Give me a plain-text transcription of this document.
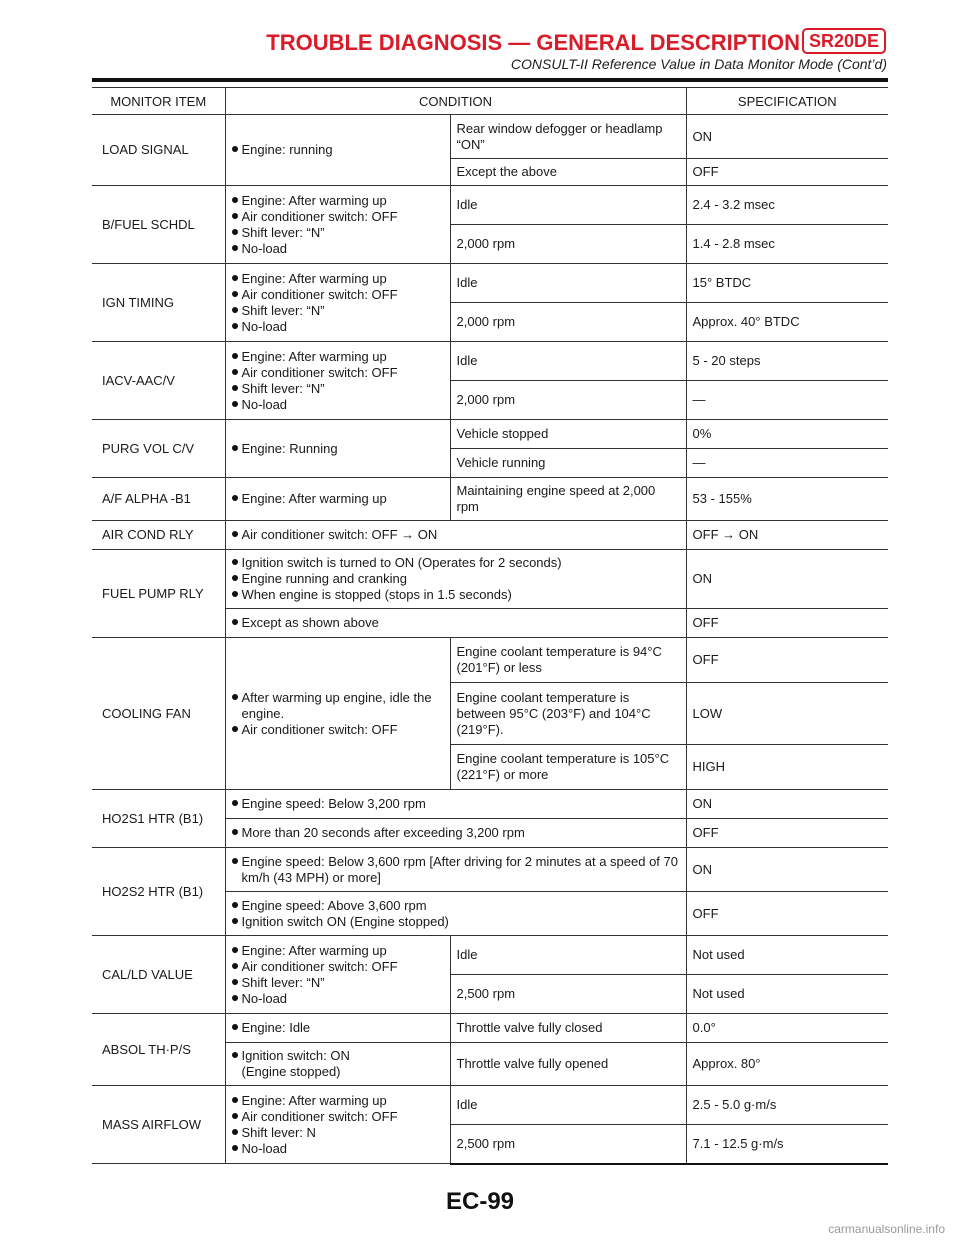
TROUBLE DIAGNOSIS — GENERAL DESCRIPTION SR20DE
CONSULT-II Reference Value in Data Monitor Mode (Cont’d)
MONITOR ITEM	CONDITION		SPECIFICATION
LOAD SIGNAL	Engine: running	Rear window defogger or headlamp “ON”	ON
		Except the above	OFF
B/FUEL SCHDL	Engine: After warming up
Air conditioner switch: OFF
Shift lever: “N”
No-load	Idle	2.4 - 3.2 msec
		2,000 rpm	1.4 - 2.8 msec
IGN TIMING	Engine: After warming up
Air conditioner switch: OFF
Shift lever: “N”
No-load	Idle	15° BTDC
		2,000 rpm	Approx. 40° BTDC
IACV-AAC/V	Engine: After warming up
Air conditioner switch: OFF
Shift lever: “N”
No-load	Idle	5 - 20 steps
		2,000 rpm	—
PURG VOL C/V	Engine: Running	Vehicle stopped	0%
		Vehicle running	—
A/F ALPHA -B1	Engine: After warming up	Maintaining engine speed at 2,000 rpm	53 - 155%
AIR COND RLY	Air conditioner switch: OFF → ON		OFF → ON
FUEL PUMP RLY	Ignition switch is turned to ON (Operates for 2 seconds)
Engine running and cranking
When engine is stopped (stops in 1.5 seconds)		ON

	Except as shown above		OFF
COOLING FAN	After warming up engine, idle the engine.
Air conditioner switch: OFF	Engine coolant temperature is 94°C (201°F) or less	OFF
		Engine coolant temperature is between 95°C (203°F) and 104°C (219°F).	LOW
		Engine coolant temperature is 105°C (221°F) or more	HIGH
HO2S1 HTR (B1)	Engine speed: Below 3,200 rpm		ON

	More than 20 seconds after exceeding 3,200 rpm		OFF
HO2S2 HTR (B1)	Engine speed: Below 3,600 rpm [After driving for 2 minutes at a speed of 70 km/h (43 MPH) or more]		ON

	Engine speed: Above 3,600 rpm
Ignition switch ON (Engine stopped)		OFF
CAL/LD VALUE	Engine: After warming up
Air conditioner switch: OFF
Shift lever: “N”
No-load	Idle	Not used
		2,500 rpm	Not used
ABSOL TH·P/S	Engine: Idle	Throttle valve fully closed	0.0°

	Ignition switch: ON
(Engine stopped)	Throttle valve fully opened	Approx. 80°
MASS AIRFLOW	Engine: After warming up
Air conditioner switch: OFF
Shift lever: N
No-load	Idle	2.5 - 5.0 g·m/s
		2,500 rpm	7.1 - 12.5 g·m/s
EC-99
carmanualsonline.info
